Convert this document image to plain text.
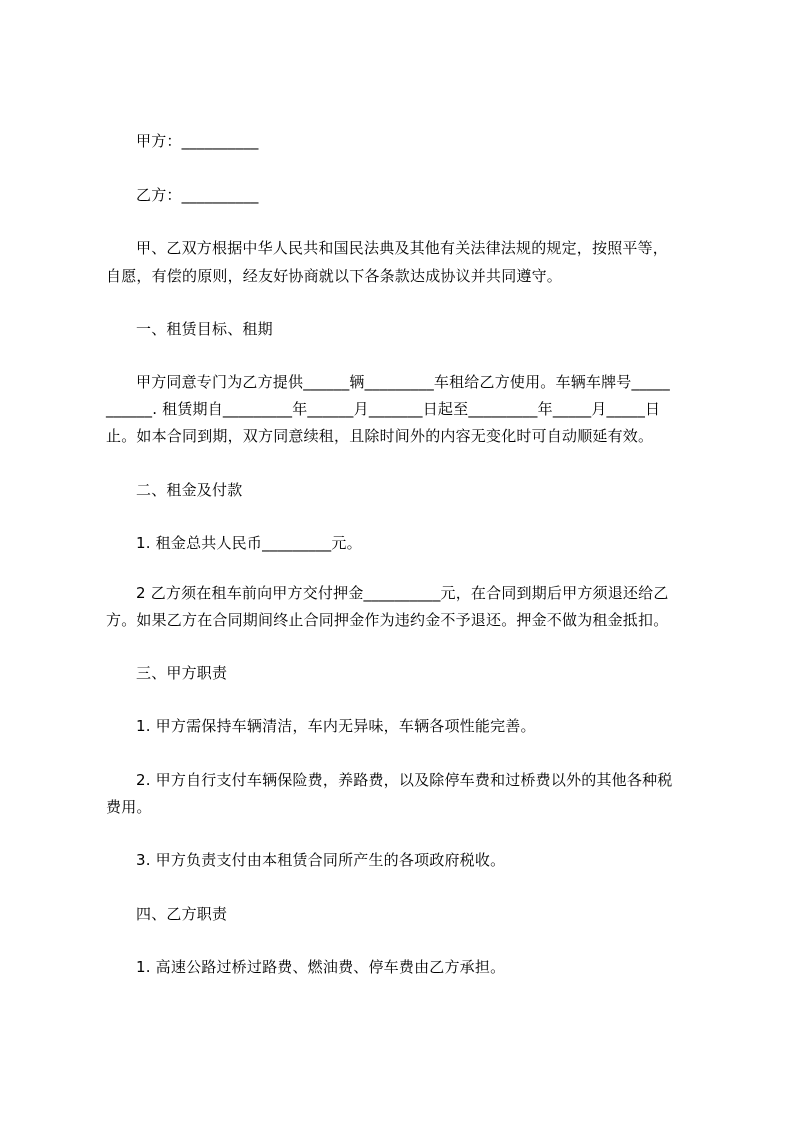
甲方：__________
乙方：__________
甲、乙双方根据中华人民共和国民法典及其他有关法律法规的规定，按照平等，
自愿，有偿的原则，经友好协商就以下各条款达成协议并共同遵守。
一、租赁目标、租期
甲方同意专门为乙方提供______辆_________车租给乙方使用。车辆车牌号_____
______. 租赁期自_________年______月_______日起至_________年_____月_____日
止。如本合同到期，双方同意续租，且除时间外的内容无变化时可自动顺延有效。
二、租金及付款
1. 租金总共人民币_________元。
2 乙方须在租车前向甲方交付押金__________元，在合同到期后甲方须退还给乙
方。如果乙方在合同期间终止合同押金作为违约金不予退还。押金不做为租金抵扣。
三、甲方职责
1. 甲方需保持车辆清洁，车内无异味，车辆各项性能完善。
2. 甲方自行支付车辆保险费，养路费，以及除停车费和过桥费以外的其他各种税
费用。
3. 甲方负责支付由本租赁合同所产生的各项政府税收。
四、乙方职责
1. 高速公路过桥过路费、燃油费、停车费由乙方承担。
